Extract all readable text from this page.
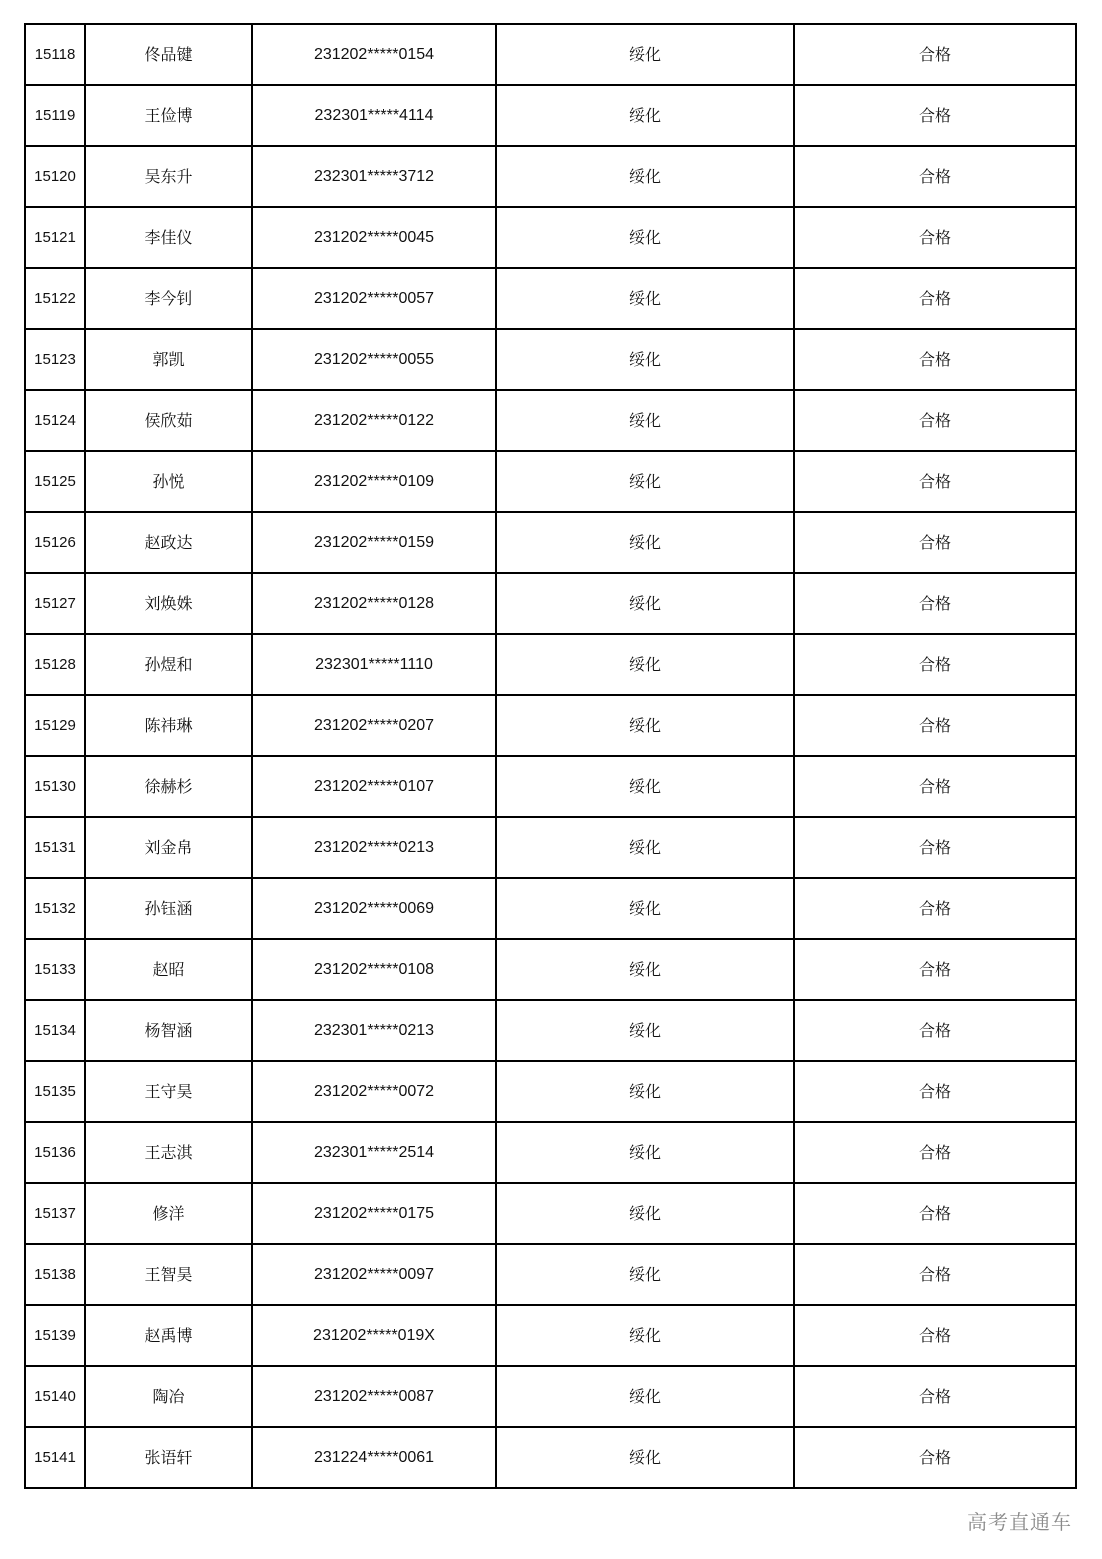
15118	佟品键	231202*****0154	绥化	合格
15119	王俭博	232301*****4114	绥化	合格
15120	吴东升	232301*****3712	绥化	合格
15121	李佳仪	231202*****0045	绥化	合格
15122	李今钊	231202*****0057	绥化	合格
15123	郭凯	231202*****0055	绥化	合格
15124	侯欣茹	231202*****0122	绥化	合格
15125	孙悦	231202*****0109	绥化	合格
15126	赵政达	231202*****0159	绥化	合格
15127	刘焕姝	231202*****0128	绥化	合格
15128	孙煜和	232301*****1110	绥化	合格
15129	陈祎琳	231202*****0207	绥化	合格
15130	徐赫杉	231202*****0107	绥化	合格
15131	刘金帛	231202*****0213	绥化	合格
15132	孙钰涵	231202*****0069	绥化	合格
15133	赵昭	231202*****0108	绥化	合格
15134	杨智涵	232301*****0213	绥化	合格
15135	王守昊	231202*****0072	绥化	合格
15136	王志淇	232301*****2514	绥化	合格
15137	修洋	231202*****0175	绥化	合格
15138	王智昊	231202*****0097	绥化	合格
15139	赵禹博	231202*****019X	绥化	合格
15140	陶冶	231202*****0087	绥化	合格
15141	张语轩	231224*****0061	绥化	合格
高考直通车
